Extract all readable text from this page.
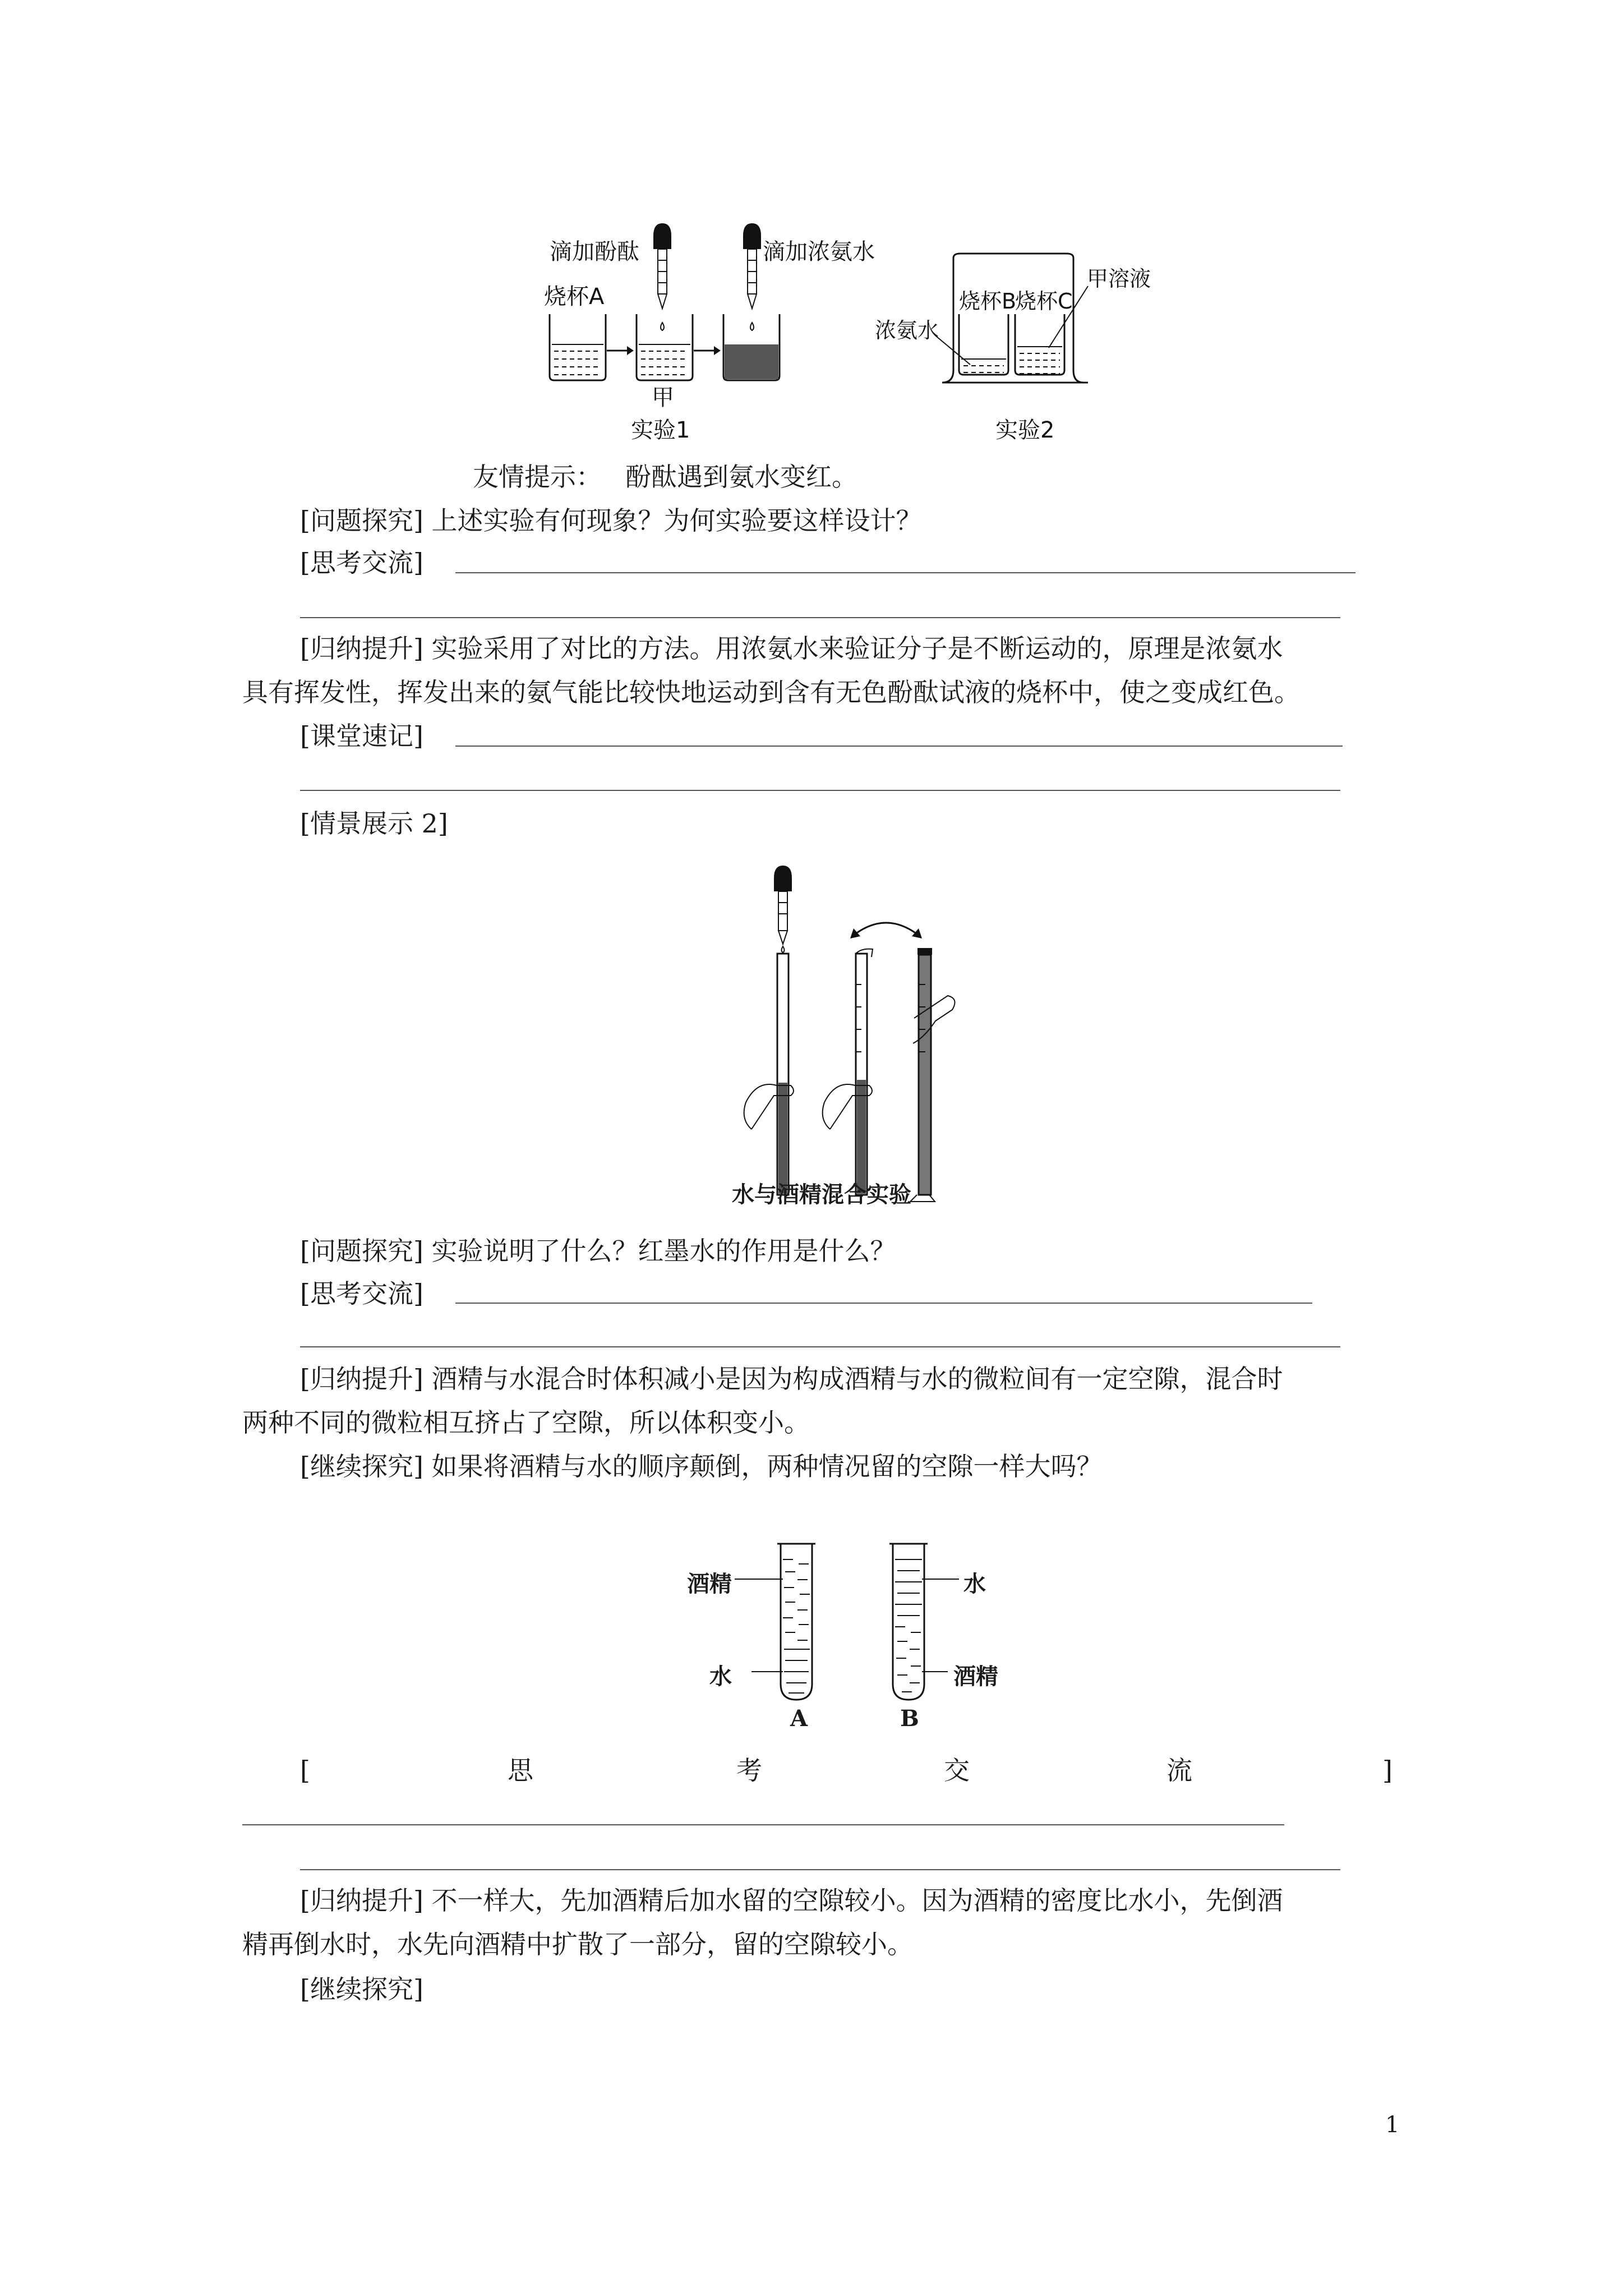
滴加酚酞	滴加浓氨水
烧杯A
甲
实验1
烧杯B
烧杯C
甲溶液
浓氨水
实验2
友情提示： 酚酞遇到氨水变红。
[问题探究] 上述实验有何现象？为何实验要这样设计？
[思考交流]
[归纳提升] 实验采用了对比的方法。用浓氨水来验证分子是不断运动的，原理是浓氨水
具有挥发性，挥发出来的氨气能比较快地运动到含有无色酚酞试液的烧杯中，使之变成红色。
[课堂速记]
[情景展示 2]
水与酒精混合实验
[问题探究] 实验说明了什么？红墨水的作用是什么？
[思考交流]
[归纳提升] 酒精与水混合时体积减小是因为构成酒精与水的微粒间有一定空隙，混合时
两种不同的微粒相互挤占了空隙，所以体积变小。
[继续探究] 如果将酒精与水的顺序颠倒，两种情况留的空隙一样大吗？
酒精
水
水
酒精
A	B
[	思	考	交	流	]
[归纳提升] 不一样大，先加酒精后加水留的空隙较小。因为酒精的密度比水小，先倒酒
精再倒水时，水先向酒精中扩散了一部分，留的空隙较小。
[继续探究]
1
